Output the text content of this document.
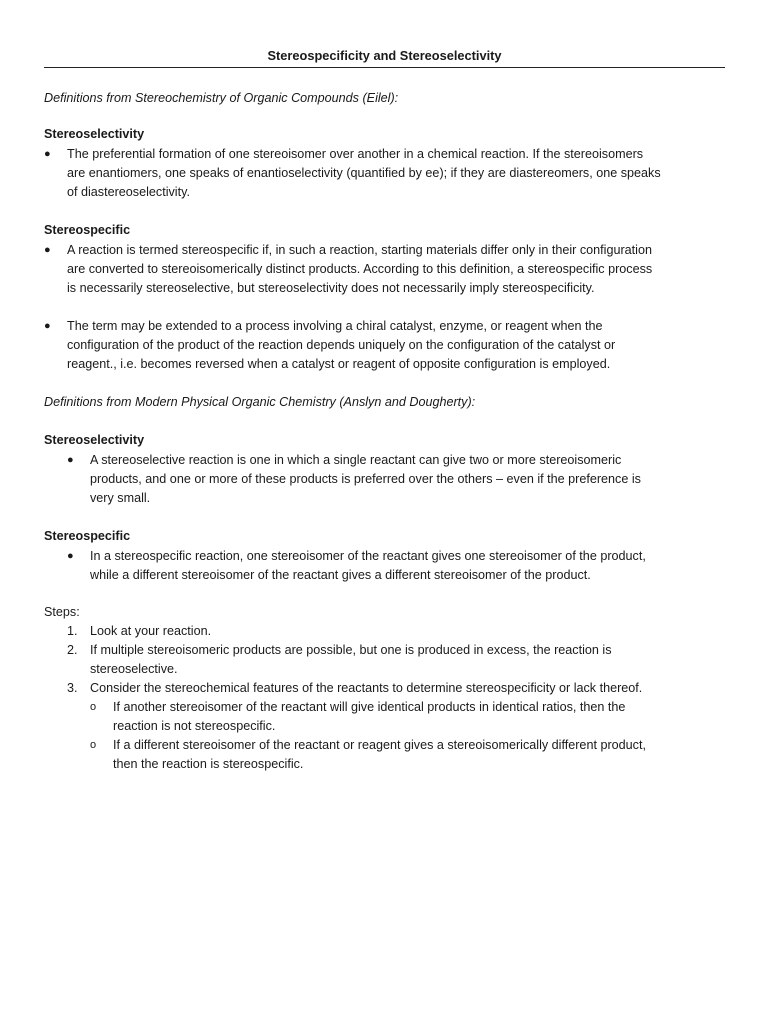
Stereospecificity and Stereoselectivity
Definitions from Stereochemistry of Organic Compounds (Eilel):
Stereoselectivity
● The preferential formation of one stereoisomer over another in a chemical reaction. If the stereoisomers
are enantiomers, one speaks of enantioselectivity (quantified by ee); if they are diastereomers, one speaks
of diastereoselectivity.
Stereospecific
● A reaction is termed stereospecific if, in such a reaction, starting materials differ only in their configuration
are converted to stereoisomerically distinct products. According to this definition, a stereospecific process
is necessarily stereoselective, but stereoselectivity does not necessarily imply stereospecificity.
● The term may be extended to a process involving a chiral catalyst, enzyme, or reagent when the
configuration of the product of the reaction depends uniquely on the configuration of the catalyst or
reagent., i.e. becomes reversed when a catalyst or reagent of opposite configuration is employed.
Definitions from Modern Physical Organic Chemistry (Anslyn and Dougherty):
Stereoselectivity
● A stereoselective reaction is one in which a single reactant can give two or more stereoisomeric
products, and one or more of these products is preferred over the others – even if the preference is
very small.
Stereospecific
● In a stereospecific reaction, one stereoisomer of the reactant gives one stereoisomer of the product,
while a different stereoisomer of the reactant gives a different stereoisomer of the product.
Steps:
1. Look at your reaction.
2. If multiple stereoisomeric products are possible, but one is produced in excess, the reaction is
stereoselective.
3. Consider the stereochemical features of the reactants to determine stereospecificity or lack thereof.
o If another stereoisomer of the reactant will give identical products in identical ratios, then the
reaction is not stereospecific.
o If a different stereoisomer of the reactant or reagent gives a stereoisomerically different product,
then the reaction is stereospecific.
